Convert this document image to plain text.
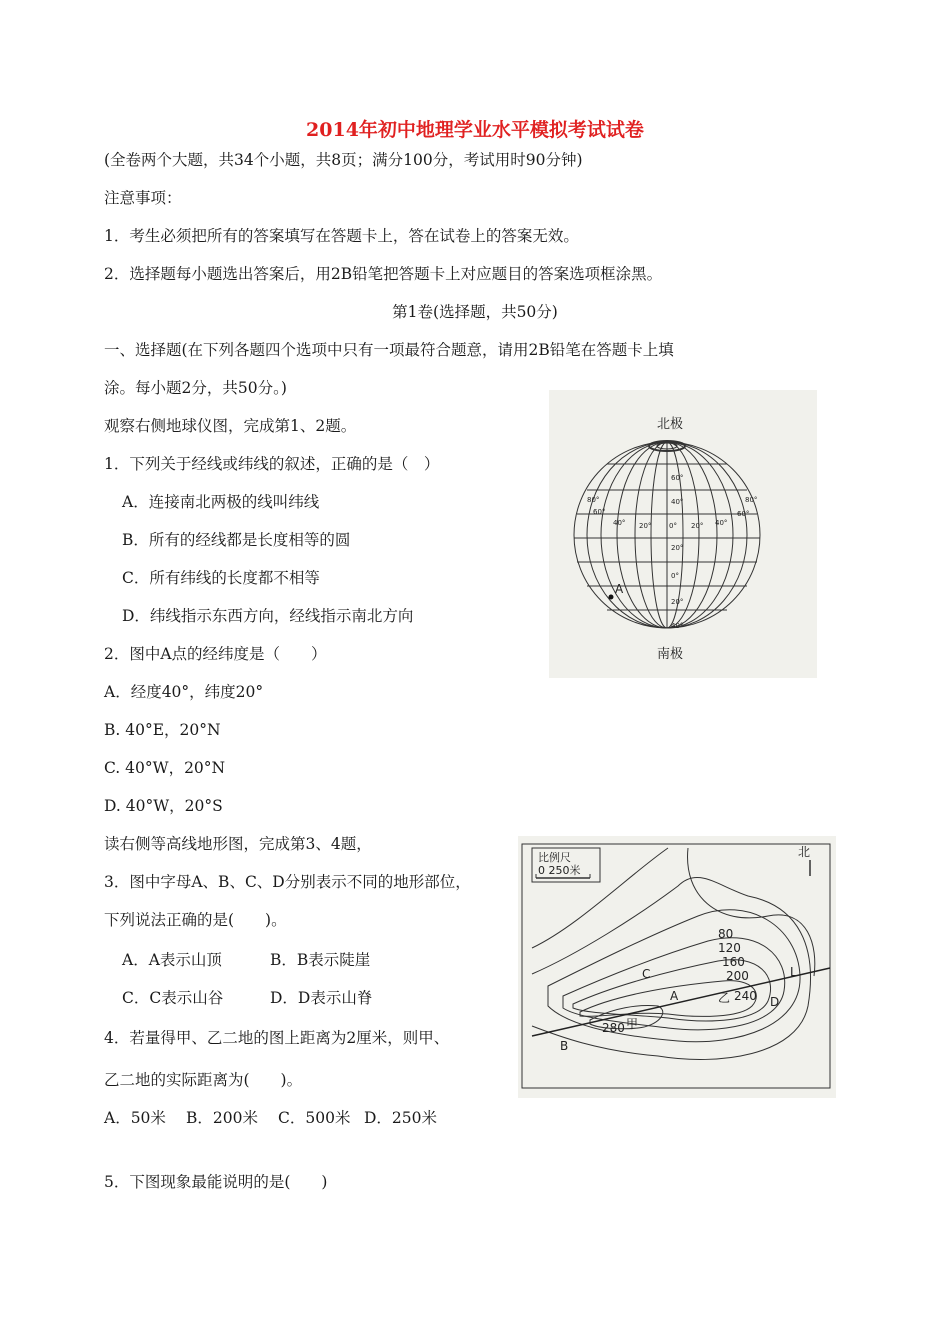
2014年初中地理学业水平模拟考试试卷
(全卷两个大题，共34个小题，共8页；满分100分，考试用时90分钟)
注意事项：
1．考生必须把所有的答案填写在答题卡上，答在试卷上的答案无效。
2．选择题每小题选出答案后，用2B铅笔把答题卡上对应题目的答案选项框涂黑。
第1卷(选择题，共50分)
一、选择题(在下列各题四个选项中只有一项最符合题意，请用2B铅笔在答题卡上填
涂。每小题2分，共50分。)
观察右侧地球仪图，完成第1、2题。
1．下列关于经线或纬线的叙述，正确的是（　）
A．连接南北两极的线叫纬线
B．所有的经线都是长度相等的圆
C．所有纬线的长度都不相等
D．纬线指示东西方向，经线指示南北方向
2．图中A点的经纬度是（　　）
A．经度40°，纬度20°
B. 40°E，20°N
C. 40°W，20°N
D. 40°W，20°S
读右侧等高线地形图，完成第3、4题，
3．图中字母A、B、C、D分别表示不同的地形部位，
下列说法正确的是(　　)。
A．A表示山顶	B．B表示陡崖
C．C表示山谷	D．D表示山脊
4．若量得甲、乙二地的图上距离为2厘米，则甲、
乙二地的实际距离为(　　)。
A．50米 B．200米 C．500米 D．250米
5．下图现象最能说明的是(　　)
北极
南极
A
80°
60°
40° 20°	0° 20° 40°
60°
80°
60°
40°
20°
0°
20°
40°
比例尺
0 250米
北
80
120
160
200
240
280
A
B
C
D
L
甲
乙
